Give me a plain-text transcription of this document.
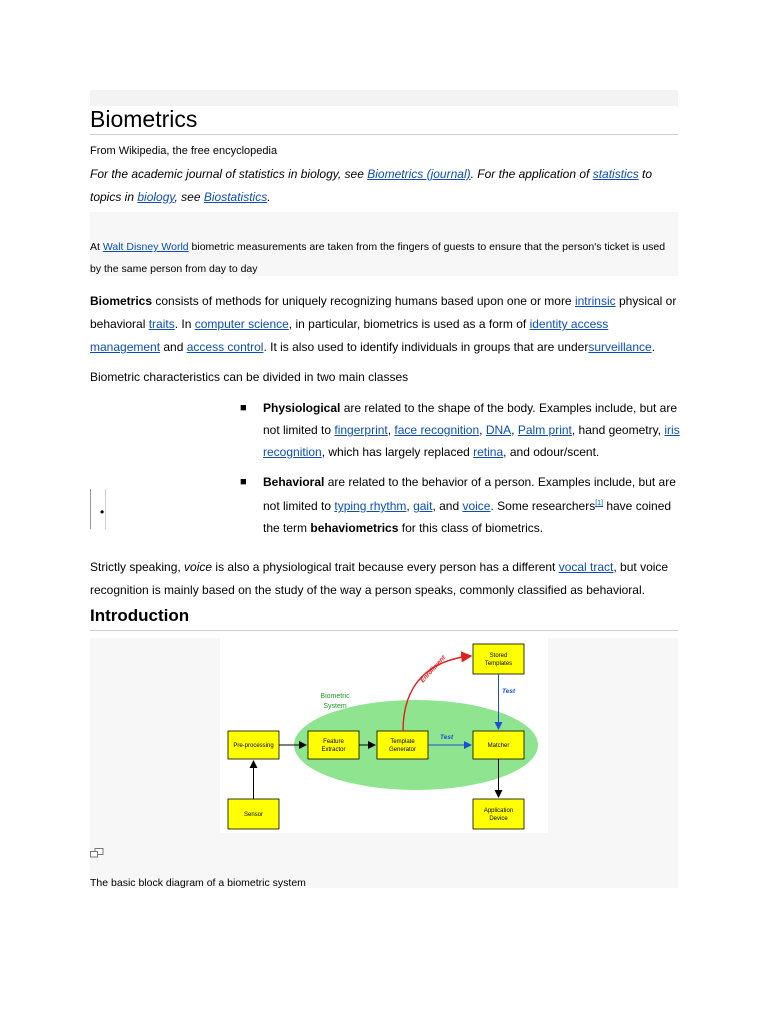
Biometrics
From Wikipedia, the free encyclopedia
For the academic journal of statistics in biology, see Biometrics (journal). For the application of statistics to topics in biology, see Biostatistics.

At Walt Disney World biometric measurements are taken from the fingers of guests to ensure that the person's ticket is used by the same person from day to day

Biometrics consists of methods for uniquely recognizing humans based upon one or more intrinsic physical or behavioral traits. In computer science, in particular, biometrics is used as a form of identity access management and access control. It is also used to identify individuals in groups that are undersurveillance.

Biometric characteristics can be divided in two main classes

■ Physiological are related to the shape of the body. Examples include, but are not limited to fingerprint, face recognition, DNA, Palm print, hand geometry, iris recognition, which has largely replaced retina, and odour/scent.
•
■ Behavioral are related to the behavior of a person. Examples include, but are not limited to typing rhythm, gait, and voice. Some researchers[1] have coined the term behaviometrics for this class of biometrics.

Strictly speaking, voice is also a physiological trait because every person has a different vocal tract, but voice recognition is mainly based on the study of the way a person speaks, commonly classified as behavioral.

Introduction
Biometric
System
Pre-processing
Feature
Extractor
Template
Generator
Matcher
Stored
Templates
Sensor
Application
Device
Enrollment
Test
Test
The basic block diagram of a biometric system
